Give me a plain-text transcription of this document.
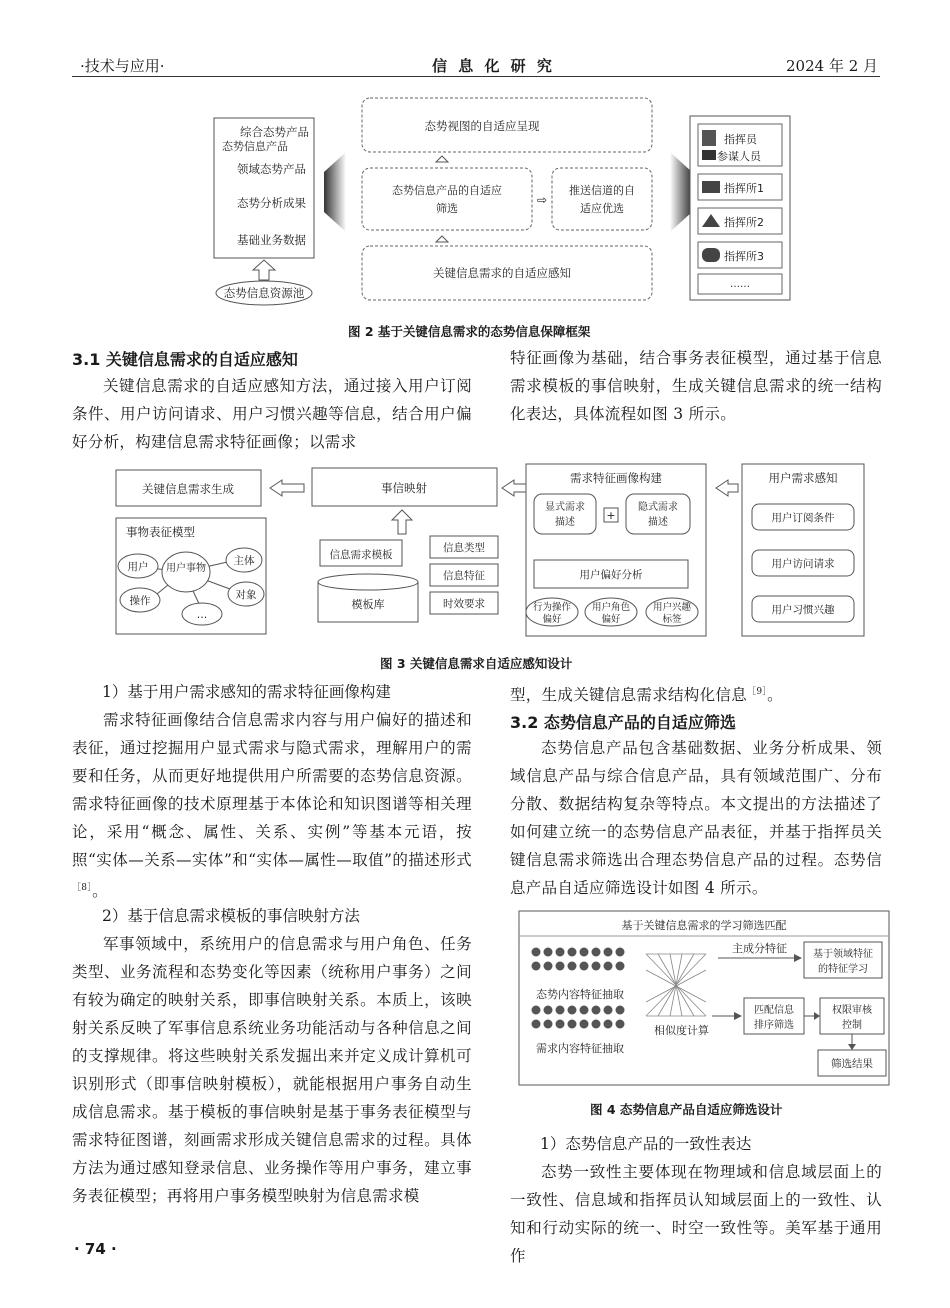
·技术与应用·	信 息 化 研 究	2024 年 2 月
态势信息产品
综合态势产品
领域态势产品
态势分析成果
基础业务数据
态势信息资源池
态势视图的自适应呈现
态势信息产品的自适应
筛选
⇨
推送信道的自
适应优选
关键信息需求的自适应感知
指挥员
参谋人员
指挥所1
指挥所2
指挥所3
……
图 2 基于关键信息需求的态势信息保障框架
3.1 关键信息需求的自适应感知
关键信息需求的自适应感知方法，通过接入用户订阅条件、用户访问请求、用户习惯兴趣等信息，结合用户偏好分析，构建信息需求特征画像；以需求
特征画像为基础，结合事务表征模型，通过基于信息需求模板的事信映射，生成关键信息需求的统一结构化表达，具体流程如图 3 所示。
关键信息需求生成	事信映射
事物表征模型
用户 用户事物
主体
操作	对象
…
信息需求模板
模板库
信息类型
信息特征
时效要求
需求特征画像构建
显式需求
描述
+
隐式需求
描述
用户偏好分析
行为操作
偏好
用户角色
偏好
用户兴趣
标签
用户需求感知
用户订阅条件
用户访问请求
用户习惯兴趣
图 3 关键信息需求自适应感知设计
1）基于用户需求感知的需求特征画像构建
需求特征画像结合信息需求内容与用户偏好的描述和表征，通过挖掘用户显式需求与隐式需求，理解用户的需要和任务，从而更好地提供用户所需要的态势信息资源。需求特征画像的技术原理基于本体论和知识图谱等相关理论，采用“概念、属性、关系、实例”等基本元语，按照“实体—关系—实体”和“实体—属性—取值”的描述形式$^{[8]}$。
2）基于信息需求模板的事信映射方法
军事领域中，系统用户的信息需求与用户角色、任务类型、业务流程和态势变化等因素（统称用户事务）之间有较为确定的映射关系，即事信映射关系。本质上，该映射关系反映了军事信息系统业务功能活动与各种信息之间的支撑规律。将这些映射关系发掘出来并定义成计算机可识别形式（即事信映射模板），就能根据用户事务自动生成信息需求。基于模板的事信映射是基于事务表征模型与需求特征图谱，刻画需求形成关键信息需求的过程。具体方法为通过感知登录信息、业务操作等用户事务，建立事务表征模型；再将用户事务模型映射为信息需求模
· 74 ·
型，生成关键信息需求结构化信息$^{[9]}$。
3.2 态势信息产品的自适应筛选
态势信息产品包含基础数据、业务分析成果、领域信息产品与综合信息产品，具有领域范围广、分布分散、数据结构复杂等特点。本文提出的方法描述了如何建立统一的态势信息产品表征，并基于指挥员关键信息需求筛选出合理态势信息产品的过程。态势信息产品自适应筛选设计如图 4 所示。
基于关键信息需求的学习筛选匹配
态势内容特征抽取
需求内容特征抽取
相似度计算
主成分特征	基于领域特征
的特征学习
匹配信息
排序筛选
权限审核
控制
筛选结果
图 4 态势信息产品自适应筛选设计
1）态势信息产品的一致性表达
态势一致性主要体现在物理域和信息域层面上的一致性、信息域和指挥员认知域层面上的一致性、认知和行动实际的统一、时空一致性等。美军基于通用作
